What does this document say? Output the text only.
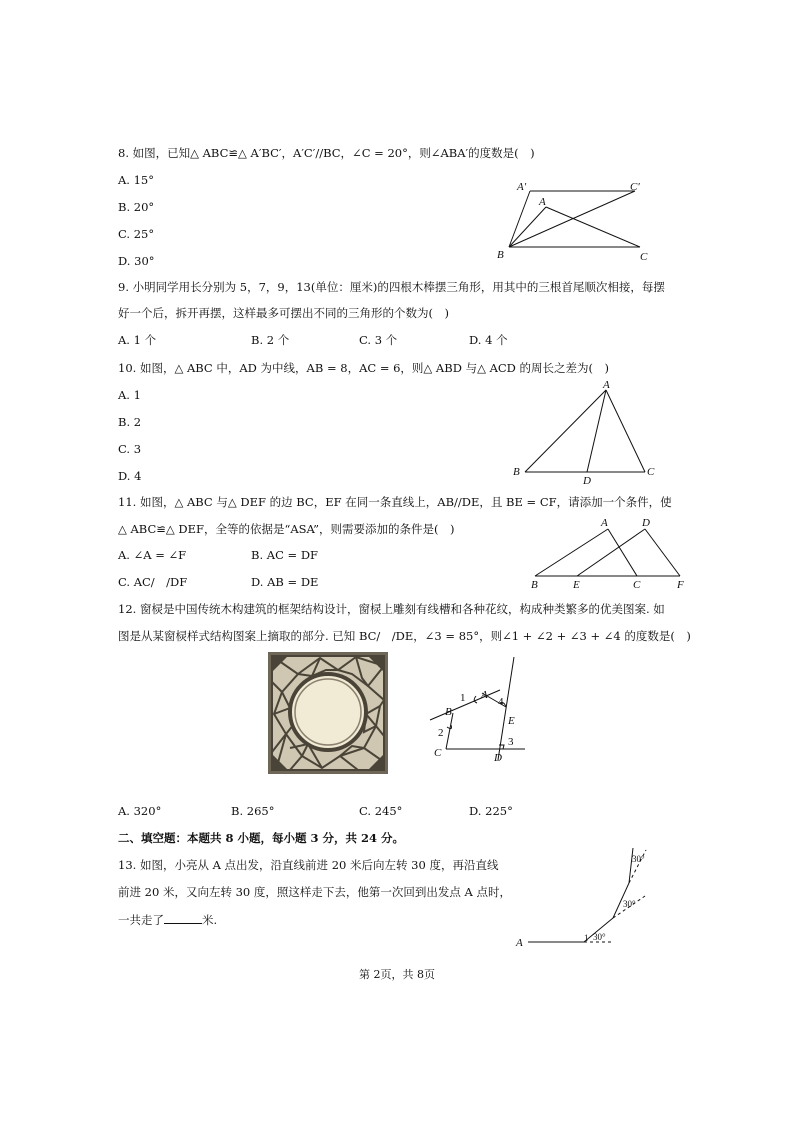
8. 如图，已知△ ABC≌△ A′BC′，A′C′//BC，∠C = 20°，则∠ABA′的度数是(　)
A. 15°
B. 20°
C. 25°
D. 30°
A′	C′
A
B	C
9. 小明同学用长分别为 5，7，9，13(单位：厘米)的四根木棒摆三角形，用其中的三根首尾顺次相接，每摆
好一个后，拆开再摆，这样最多可摆出不同的三角形的个数为(　)
A. 1 个	B. 2 个	C. 3 个	D. 4 个
10. 如图，△ ABC 中，AD 为中线，AB = 8，AC = 6，则△ ABD 与△ ACD 的周长之差为(　)
A. 1
B. 2
C. 3
D. 4
A
B
D
C
11. 如图，△ ABC 与△ DEF 的边 BC，EF 在同一条直线上，AB//DE，且 BE = CF，请添加一个条件，使
△ ABC≌△ DEF，全等的依据是“ASA”，则需要添加的条件是(　)
A. ∠A = ∠F	B. AC = DF
C. AC/　/DF	D. AB = DE
A	D
B	E	C	F
12. 窗棂是中国传统木构建筑的框架结构设计，窗棂上雕刻有线槽和各种花纹，构成种类繁多的优美图案. 如
图是从某窗棂样式结构图案上摘取的部分. 已知 BC/　/DE，∠3 = 85°，则∠1 + ∠2 + ∠3 + ∠4 的度数是(　)
1 A
4
B
E
2
3
C	D
A. 320°	B. 265°	C. 245°	D. 225°
二、填空题：本题共 8 小题，每小题 3 分，共 24 分。
13. 如图，小亮从 A 点出发，沿直线前进 20 米后向左转 30 度，再沿直线
前进 20 米，又向左转 30 度，照这样走下去，他第一次回到出发点 A 点时，
一共走了	米.
A	1 30°
30°
30°
第 2页，共 8页
